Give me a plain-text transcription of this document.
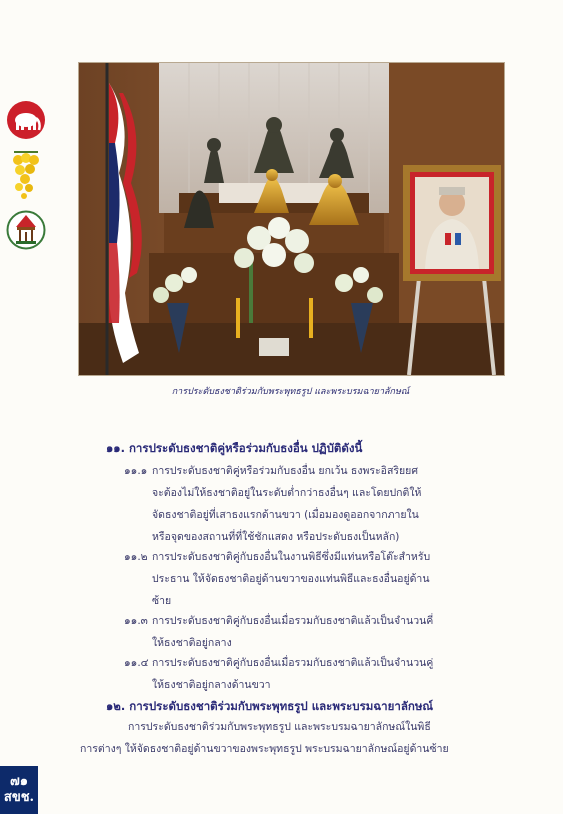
การประดับธงชาติร่วมกับพระพุทธรูป และพระบรมฉายาลักษณ์
๑๑. การประดับธงชาติคู่หรือร่วมกับธงอื่น ปฏิบัติดังนี้
๑๑.๑ การประดับธงชาติคู่หรือร่วมกับธงอื่น ยกเว้น ธงพระอิสริยยศ
จะต้องไม่ให้ธงชาติอยู่ในระดับต่ำกว่าธงอื่นๆ และโดยปกติให้
จัดธงชาติอยู่ที่เสาธงแรกด้านขวา (เมื่อมองดูออกจากภายใน
หรือจุดของสถานที่ที่ใช้ชักแสดง หรือประดับธงเป็นหลัก)
๑๑.๒ การประดับธงชาติคู่กับธงอื่นในงานพิธีซึ่งมีแท่นหรือโต๊ะสำหรับ
ประธาน ให้จัดธงชาติอยู่ด้านขวาของแท่นพิธีและธงอื่นอยู่ด้าน
ซ้าย
๑๑.๓ การประดับธงชาติคู่กับธงอื่นเมื่อรวมกับธงชาติแล้วเป็นจำนวนคี่
ให้ธงชาติอยู่กลาง
๑๑.๔ การประดับธงชาติคู่กับธงอื่นเมื่อรวมกับธงชาติแล้วเป็นจำนวนคู่
ให้ธงชาติอยู่กลางด้านขวา
๑๒. การประดับธงชาติร่วมกับพระพุทธรูป และพระบรมฉายาลักษณ์
การประดับธงชาติร่วมกับพระพุทธรูป และพระบรมฉายาลักษณ์ในพิธี
การต่างๆ ให้จัดธงชาติอยู่ด้านขวาของพระพุทธรูป พระบรมฉายาลักษณ์อยู่ด้านซ้าย
๗๑
สขช.
